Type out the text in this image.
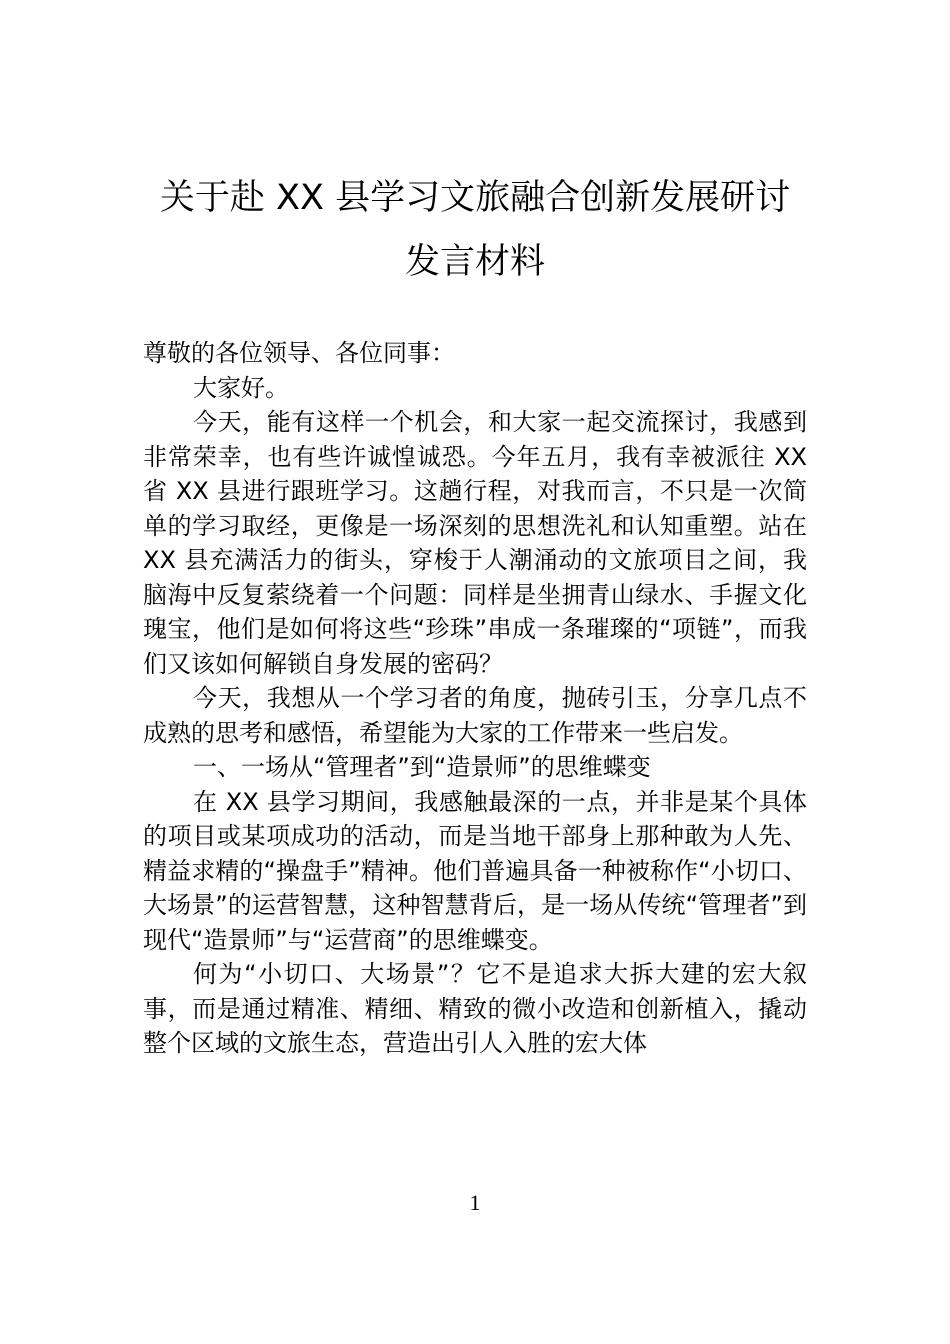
关于赴 XX 县学习文旅融合创新发展研讨发言材料

尊敬的各位领导、各位同事：

大家好。

今天，能有这样一个机会，和大家一起交流探讨，我感到非常荣幸，也有些许诚惶诚恐。今年五月，我有幸被派往 XX 省 XX 县进行跟班学习。这趟行程，对我而言，不只是一次简单的学习取经，更像是一场深刻的思想洗礼和认知重塑。站在 XX 县充满活力的街头，穿梭于人潮涌动的文旅项目之间，我脑海中反复萦绕着一个问题：同样是坐拥青山绿水、手握文化瑰宝，他们是如何将这些“珍珠”串成一条璀璨的“项链”，而我们又该如何解锁自身发展的密码？

今天，我想从一个学习者的角度，抛砖引玉，分享几点不成熟的思考和感悟，希望能为大家的工作带来一些启发。

一、一场从“管理者”到“造景师”的思维蝶变

在 XX 县学习期间，我感触最深的一点，并非是某个具体的项目或某项成功的活动，而是当地干部身上那种敢为人先、精益求精的“操盘手”精神。他们普遍具备一种被称作“小切口、大场景”的运营智慧，这种智慧背后，是一场从传统“管理者”到现代“造景师”与“运营商”的思维蝶变。

何为“小切口、大场景”？它不是追求大拆大建的宏大叙事，而是通过精准、精细、精致的微小改造和创新植入，撬动整个区域的文旅生态，营造出引人入胜的宏大体

1
